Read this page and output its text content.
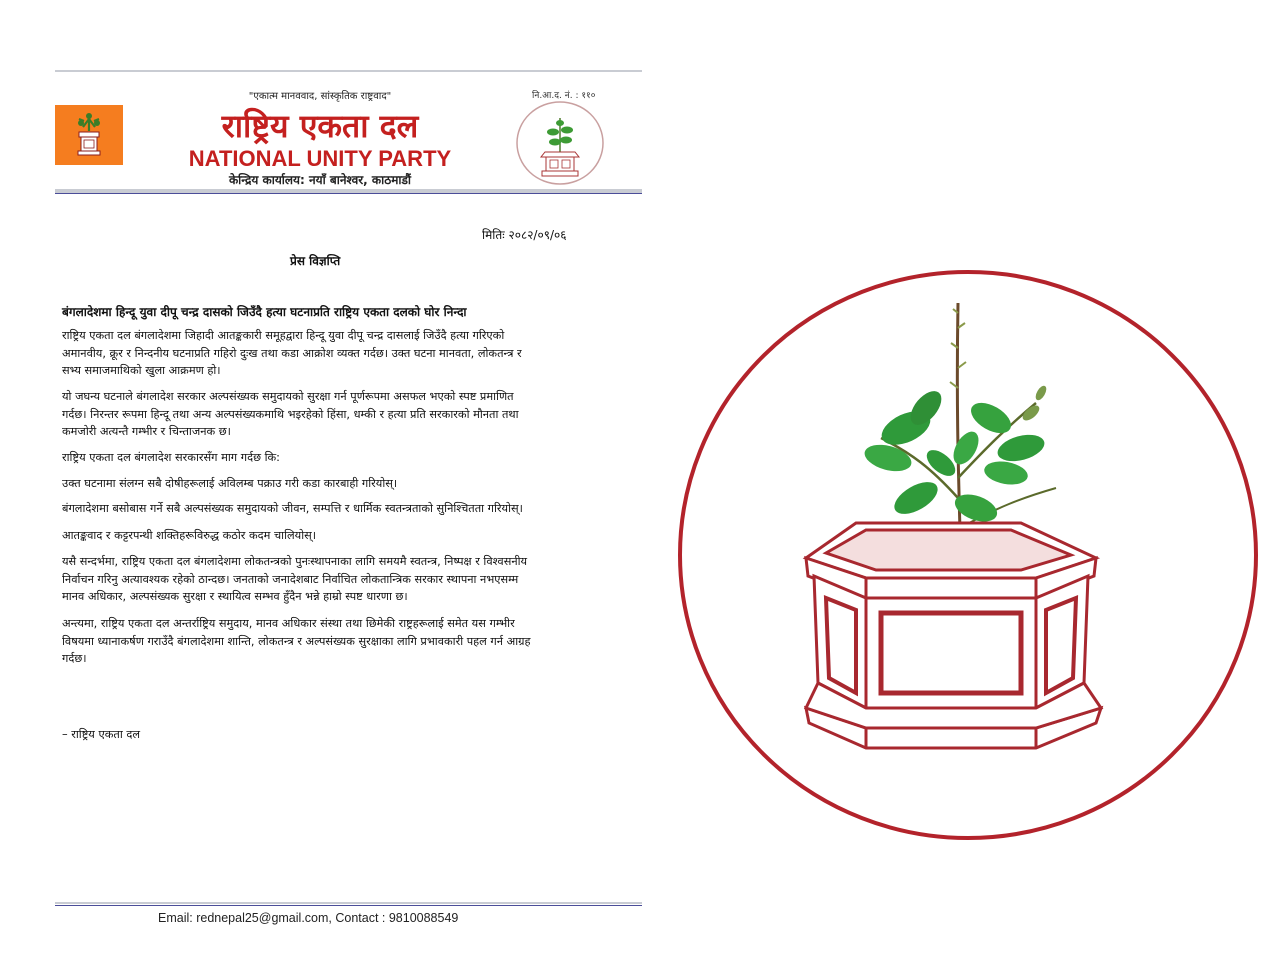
"एकात्म मानववाद, सांस्कृतिक राष्ट्रवाद"	नि.आ.द. नं. : ११०
राष्ट्रिय एकता दल
NATIONAL UNITY PARTY
केन्द्रिय कार्यालय: नयाँ बानेश्वर, काठमाडौं
मितिः २०८२/०९/०६
प्रेस विज्ञप्ति
बंगलादेशमा हिन्दू युवा दीपू चन्द्र दासको जिउँदै हत्या घटनाप्रति राष्ट्रिय एकता दलको घोर निन्दा
राष्ट्रिय एकता दल बंगलादेशमा जिहादी आतङ्ककारी समूहद्वारा हिन्दू युवा दीपू चन्द्र दासलाई जिउँदै हत्या गरिएको
अमानवीय, क्रूर र निन्दनीय घटनाप्रति गहिरो दुःख तथा कडा आक्रोश व्यक्त गर्दछ। उक्त घटना मानवता, लोकतन्त्र र
सभ्य समाजमाथिको खुला आक्रमण हो।
यो जघन्य घटनाले बंगलादेश सरकार अल्पसंख्यक समुदायको सुरक्षा गर्न पूर्णरूपमा असफल भएको स्पष्ट प्रमाणित
गर्दछ। निरन्तर रूपमा हिन्दू तथा अन्य अल्पसंख्यकमाथि भइरहेको हिंसा, धम्की र हत्या प्रति सरकारको मौनता तथा
कमजोरी अत्यन्तै गम्भीर र चिन्ताजनक छ।
राष्ट्रिय एकता दल बंगलादेश सरकारसँग माग गर्दछ कि:
उक्त घटनामा संलग्न सबै दोषीहरूलाई अविलम्ब पक्राउ गरी कडा कारबाही गरियोस्।
बंगलादेशमा बसोबास गर्ने सबै अल्पसंख्यक समुदायको जीवन, सम्पत्ति र धार्मिक स्वतन्त्रताको सुनिश्चितता गरियोस्।
आतङ्कवाद र कट्टरपन्थी शक्तिहरूविरुद्ध कठोर कदम चालियोस्।
यसै सन्दर्भमा, राष्ट्रिय एकता दल बंगलादेशमा लोकतन्त्रको पुनःस्थापनाका लागि समयमै स्वतन्त्र, निष्पक्ष र विश्वसनीय
निर्वाचन गरिनु अत्यावश्यक रहेको ठान्दछ। जनताको जनादेशबाट निर्वाचित लोकतान्त्रिक सरकार स्थापना नभएसम्म
मानव अधिकार, अल्पसंख्यक सुरक्षा र स्थायित्व सम्भव हुँदैन भन्ने हाम्रो स्पष्ट धारणा छ।
अन्त्यमा, राष्ट्रिय एकता दल अन्तर्राष्ट्रिय समुदाय, मानव अधिकार संस्था तथा छिमेकी राष्ट्रहरूलाई समेत यस गम्भीर
विषयमा ध्यानाकर्षण गराउँदै बंगलादेशमा शान्ति, लोकतन्त्र र अल्पसंख्यक सुरक्षाका लागि प्रभावकारी पहल गर्न आग्रह
गर्दछ।
– राष्ट्रिय एकता दल
Email: rednepal25@gmail.com, Contact : 9810088549
